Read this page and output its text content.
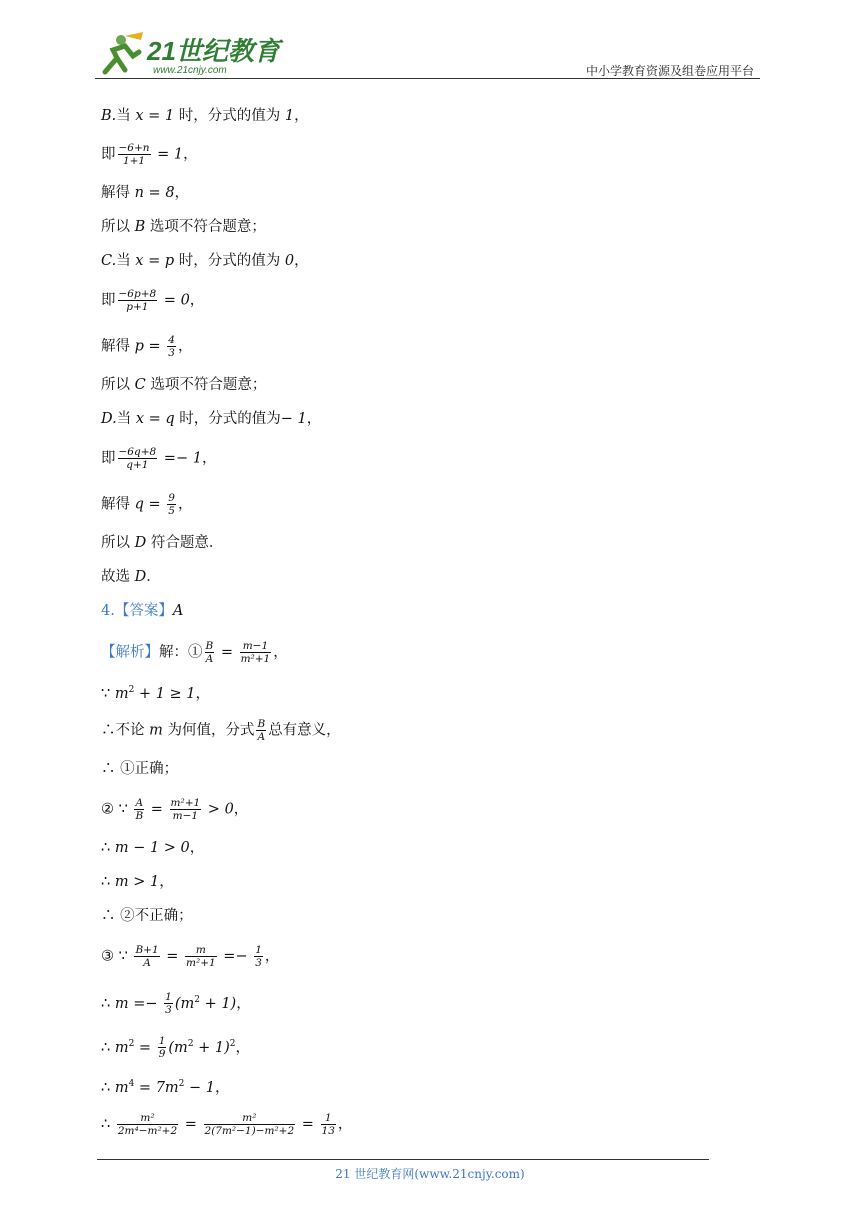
21世纪教育
www.21cnjy.com	中小学教育资源及组卷应用平台
B.当 x = 1 时，分式的值为 1，
即 $\frac{-6+n}{1+1} = 1$，
解得 n = 8，
所以 B 选项不符合题意；
C.当 x = p 时，分式的值为 0，
即 $\frac{-6p+8}{p+1} = 0$，
解得 $p = \frac{4}{3}$ ，
所以 C 选项不符合题意；
D.当 x = q 时，分式的值为− 1，
即 $\frac{-6q+8}{q+1} =- 1$，
解得 $q = \frac{9}{5}$ ，
所以 D 符合题意．
故选 D．
4.【答案】A
【解析】解：① $\frac{B}{A} = \frac{m-1}{\text{m²+1}}$ ，
∵ $m^2 + 1 \ge 1$，
∴不论 m 为何值，分式 $\frac{B}{A}$ 总有意义，
∴ ①正确；
② ∵ $\frac{A}{B} = \frac{\text{m²+1}}{m-1} > 0$，
∴ m − 1 > 0，
∴ m > 1，
∴ ②不正确；
③ ∵ $\frac{B+1}{A} = \frac{m}{\text{m²+1}} =- \frac{1}{3}$ ，
∴ $m =- \frac{1}{3} (m^2 + 1)$，
∴ $m^2 = \frac{1}{9} (m^2 + 1)^2$，
∴ $m^4 = 7m^2 - 1$，
∴ $\frac{\text{m²}}{\text{2m⁴−m²+2}} = \frac{\text{m²}}{\text{2(7m²−1)−m²+2}} = \frac{1}{13}$ ，
21 世纪教育网(www.21cnjy.com)
